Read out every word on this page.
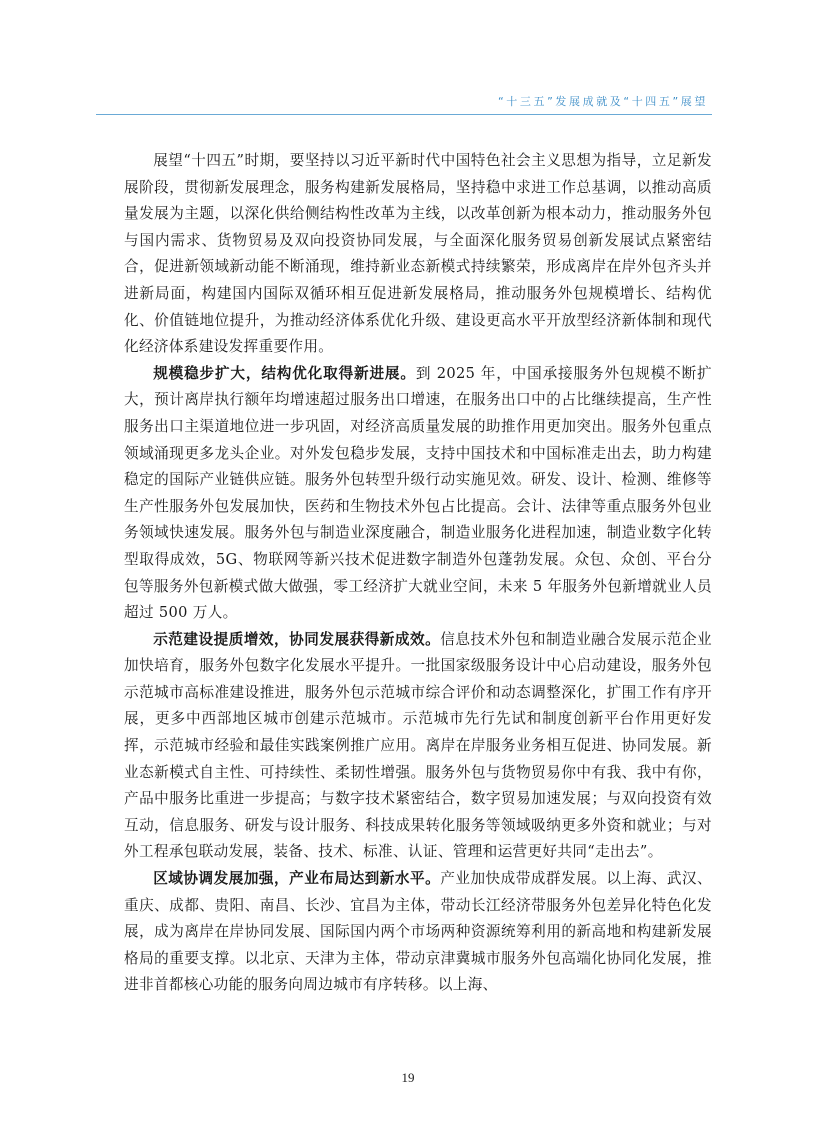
“十三五”发展成就及“十四五”展望

展望“十四五”时期，要坚持以习近平新时代中国特色社会主义思想为指导，立足新发展阶段，贯彻新发展理念，服务构建新发展格局，坚持稳中求进工作总基调，以推动高质量发展为主题，以深化供给侧结构性改革为主线，以改革创新为根本动力，推动服务外包与国内需求、货物贸易及双向投资协同发展，与全面深化服务贸易创新发展试点紧密结合，促进新领域新动能不断涌现，维持新业态新模式持续繁荣，形成离岸在岸外包齐头并进新局面，构建国内国际双循环相互促进新发展格局，推动服务外包规模增长、结构优化、价值链地位提升，为推动经济体系优化升级、建设更高水平开放型经济新体制和现代化经济体系建设发挥重要作用。

规模稳步扩大，结构优化取得新进展。到 2025 年，中国承接服务外包规模不断扩大，预计离岸执行额年均增速超过服务出口增速，在服务出口中的占比继续提高，生产性服务出口主渠道地位进一步巩固，对经济高质量发展的助推作用更加突出。服务外包重点领域涌现更多龙头企业。对外发包稳步发展，支持中国技术和中国标准走出去，助力构建稳定的国际产业链供应链。服务外包转型升级行动实施见效。研发、设计、检测、维修等生产性服务外包发展加快，医药和生物技术外包占比提高。会计、法律等重点服务外包业务领域快速发展。服务外包与制造业深度融合，制造业服务化进程加速，制造业数字化转型取得成效，5G、物联网等新兴技术促进数字制造外包蓬勃发展。众包、众创、平台分包等服务外包新模式做大做强，零工经济扩大就业空间，未来 5 年服务外包新增就业人员超过 500 万人。

示范建设提质增效，协同发展获得新成效。信息技术外包和制造业融合发展示范企业加快培育，服务外包数字化发展水平提升。一批国家级服务设计中心启动建设，服务外包示范城市高标准建设推进，服务外包示范城市综合评价和动态调整深化，扩围工作有序开展，更多中西部地区城市创建示范城市。示范城市先行先试和制度创新平台作用更好发挥，示范城市经验和最佳实践案例推广应用。离岸在岸服务业务相互促进、协同发展。新业态新模式自主性、可持续性、柔韧性增强。服务外包与货物贸易你中有我、我中有你，产品中服务比重进一步提高；与数字技术紧密结合，数字贸易加速发展；与双向投资有效互动，信息服务、研发与设计服务、科技成果转化服务等领域吸纳更多外资和就业；与对外工程承包联动发展，装备、技术、标准、认证、管理和运营更好共同“走出去”。

区域协调发展加强，产业布局达到新水平。产业加快成带成群发展。以上海、武汉、重庆、成都、贵阳、南昌、长沙、宜昌为主体，带动长江经济带服务外包差异化特色化发展，成为离岸在岸协同发展、国际国内两个市场两种资源统筹利用的新高地和构建新发展格局的重要支撑。以北京、天津为主体，带动京津冀城市服务外包高端化协同化发展，推进非首都核心功能的服务向周边城市有序转移。以上海、

19
